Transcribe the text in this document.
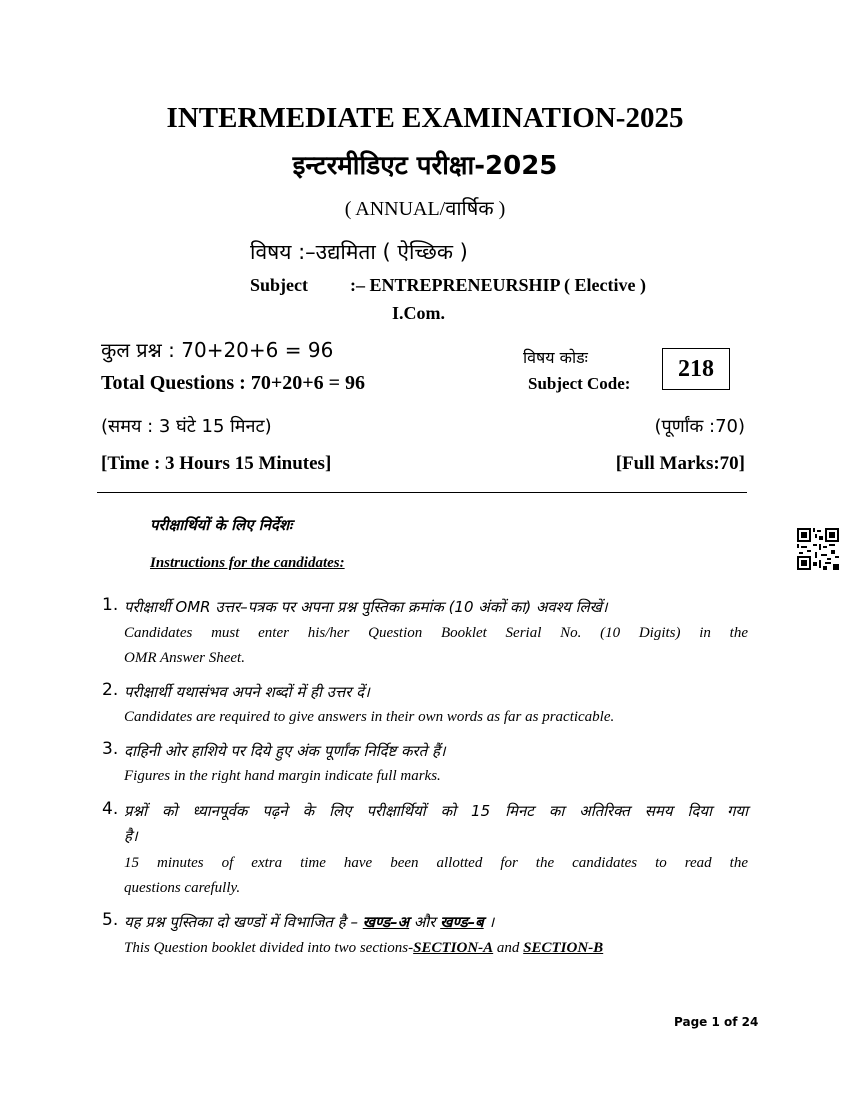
INTERMEDIATE EXAMINATION-2025
इन्टरमीडिएट परीक्षा-2025
( ANNUAL/वार्षिक )
विषय :–उद्यमिता ( ऐच्छिक )
Subject :– ENTREPRENEURSHIP ( Elective )
I.Com.
कुल प्रश्न : 70+20+6 = 96
Total Questions : 70+20+6 = 96
विषय कोडः
Subject Code:
218
(समय : 3 घंटे 15 मिनट)	(पूर्णांक :70)
[Time : 3 Hours 15 Minutes]	[Full Marks:70]
परीक्षार्थियों के लिए निर्देशः
Instructions for the candidates:
1. परीक्षार्थी OMR उत्तर–पत्रक पर अपना प्रश्न पुस्तिका क्रमांक (10 अंकों का) अवश्य लिखें।
Candidates must enter his/her Question Booklet Serial No. (10 Digits) in the
OMR Answer Sheet.
2. परीक्षार्थी यथासंभव अपने शब्दों में ही उत्तर दें।
Candidates are required to give answers in their own words as far as practicable.
3. दाहिनी ओर हाशिये पर दिये हुए अंक पूर्णांक निर्दिष्ट करते हैं।
Figures in the right hand margin indicate full marks.
4. प्रश्नों को ध्यानपूर्वक पढ़ने के लिए परीक्षार्थियों को 15 मिनट का अतिरिक्त समय दिया गया
है।
15 minutes of extra time have been allotted for the candidates to read the
questions carefully.
5. यह प्रश्न पुस्तिका दो खण्डों में विभाजित है – खण्ड–अ और खण्ड–ब ।
This Question booklet divided into two sections-SECTION-A and SECTION-B
Page 1 of 24
